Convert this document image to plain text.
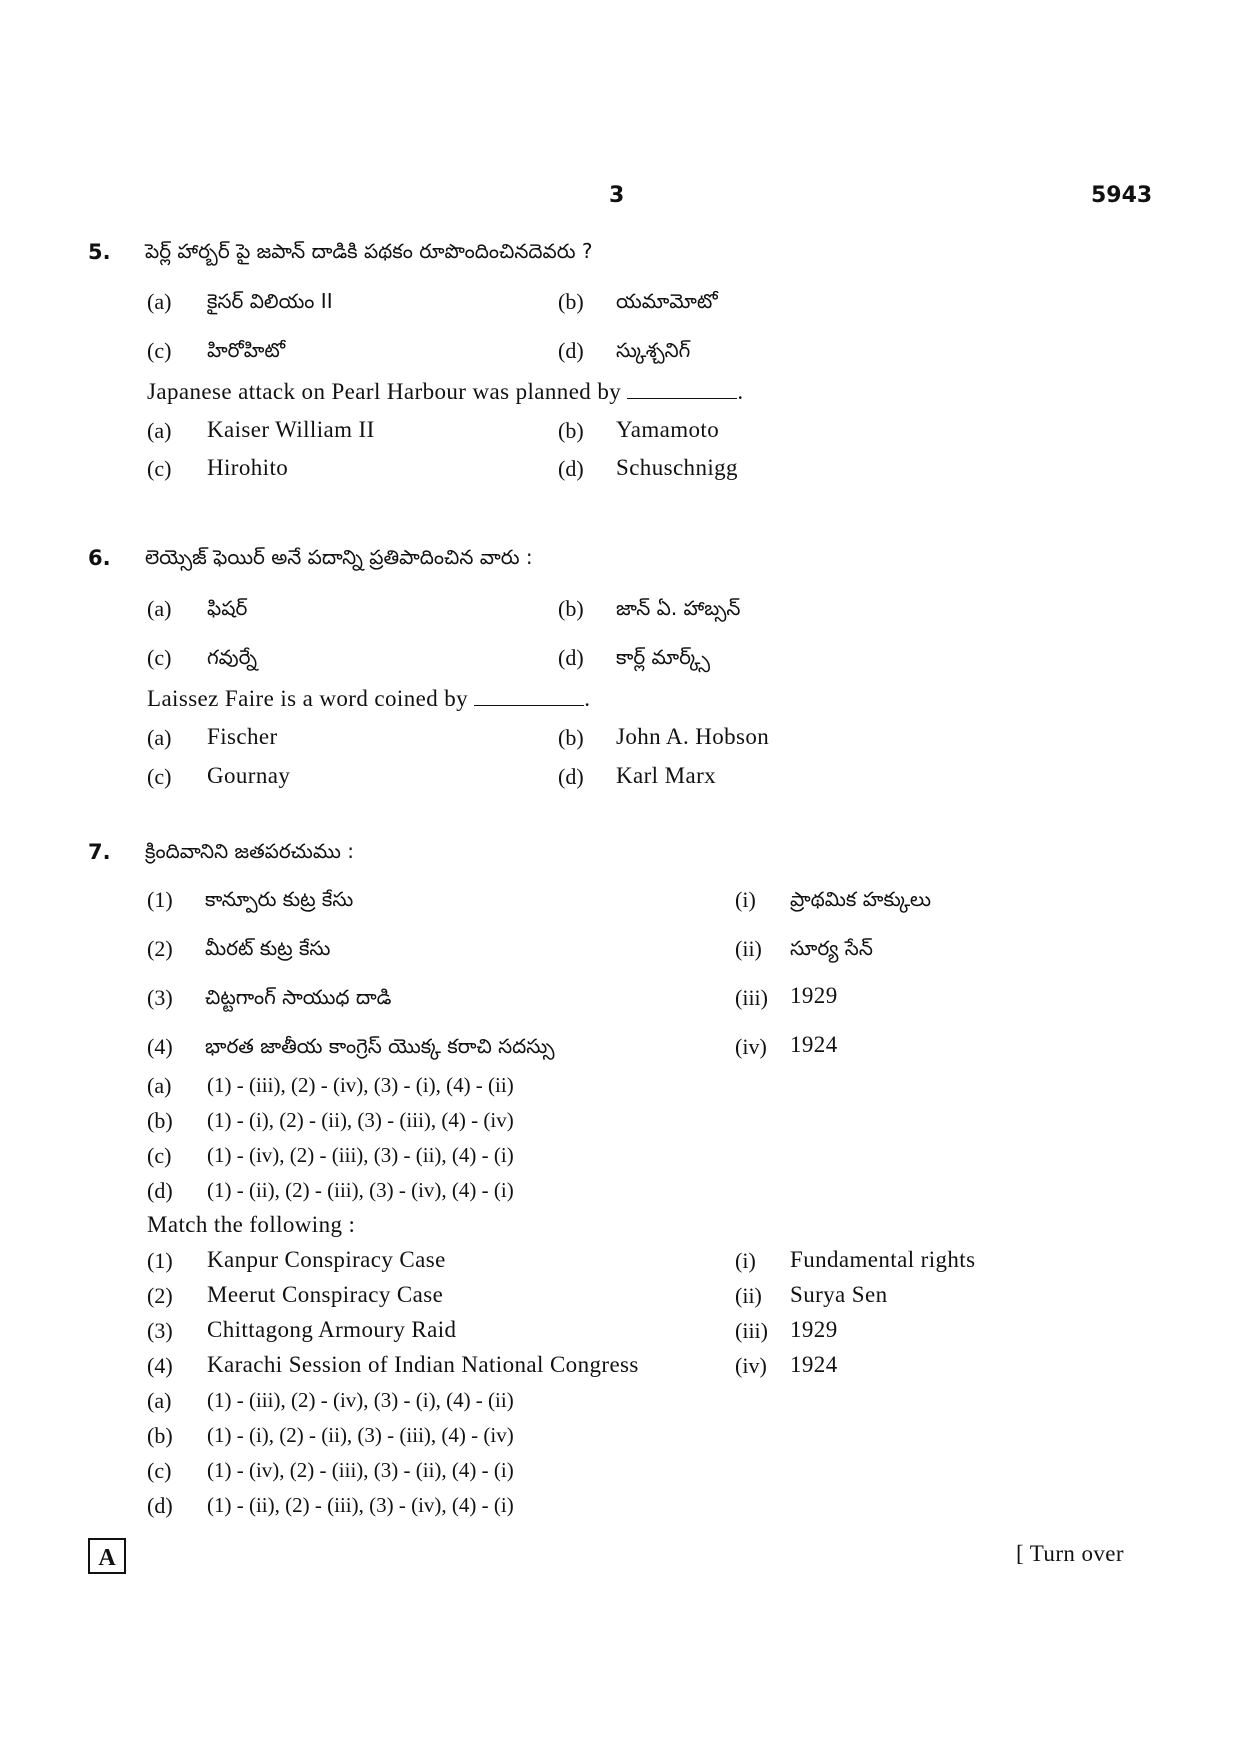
3	5943
5. పెర్ల్ హార్బర్ పై జపాన్ దాడికి పథకం రూపొందించినదెవరు ?
(a) కైసర్ విలియం II	(b) యమామోటో
(c) హిరోహిటో	(d) స్కుశ్చనిగ్
Japanese attack on Pearl Harbour was planned by	.
(a) Kaiser William II	(b) Yamamoto
(c) Hirohito	(d) Schuschnigg
6. లెయ్సెజ్ ఫెయిర్ అనే పదాన్ని ప్రతిపాదించిన వారు :
(a) ఫిషర్	(b) జాన్ ఏ. హాబ్సన్
(c) గవుర్నే	(d) కార్ల్ మార్క్స్
Laissez Faire is a word coined by	.
(a) Fischer	(b) John A. Hobson
(c) Gournay	(d) Karl Marx
7. క్రిందివానిని జతపరచుము :
(1) కాన్పూరు కుట్ర కేసు	(i) ప్రాథమిక హక్కులు
(2) మీరట్ కుట్ర కేసు	(ii) సూర్య సేన్
(3) చిట్టగాంగ్ సాయుధ దాడి	(iii) 1929
(4) భారత జాతీయ కాంగ్రెస్ యొక్క కరాచి సదస్సు	(iv) 1924
(a) (1) - (iii), (2) - (iv), (3) - (i), (4) - (ii)
(b) (1) - (i), (2) - (ii), (3) - (iii), (4) - (iv)
(c) (1) - (iv), (2) - (iii), (3) - (ii), (4) - (i)
(d) (1) - (ii), (2) - (iii), (3) - (iv), (4) - (i)
Match the following :
(1) Kanpur Conspiracy Case	(i) Fundamental rights
(2) Meerut Conspiracy Case	(ii) Surya Sen
(3) Chittagong Armoury Raid	(iii) 1929
(4) Karachi Session of Indian National Congress	(iv) 1924
(a) (1) - (iii), (2) - (iv), (3) - (i), (4) - (ii)
(b) (1) - (i), (2) - (ii), (3) - (iii), (4) - (iv)
(c) (1) - (iv), (2) - (iii), (3) - (ii), (4) - (i)
(d) (1) - (ii), (2) - (iii), (3) - (iv), (4) - (i)
A	[ Turn over
